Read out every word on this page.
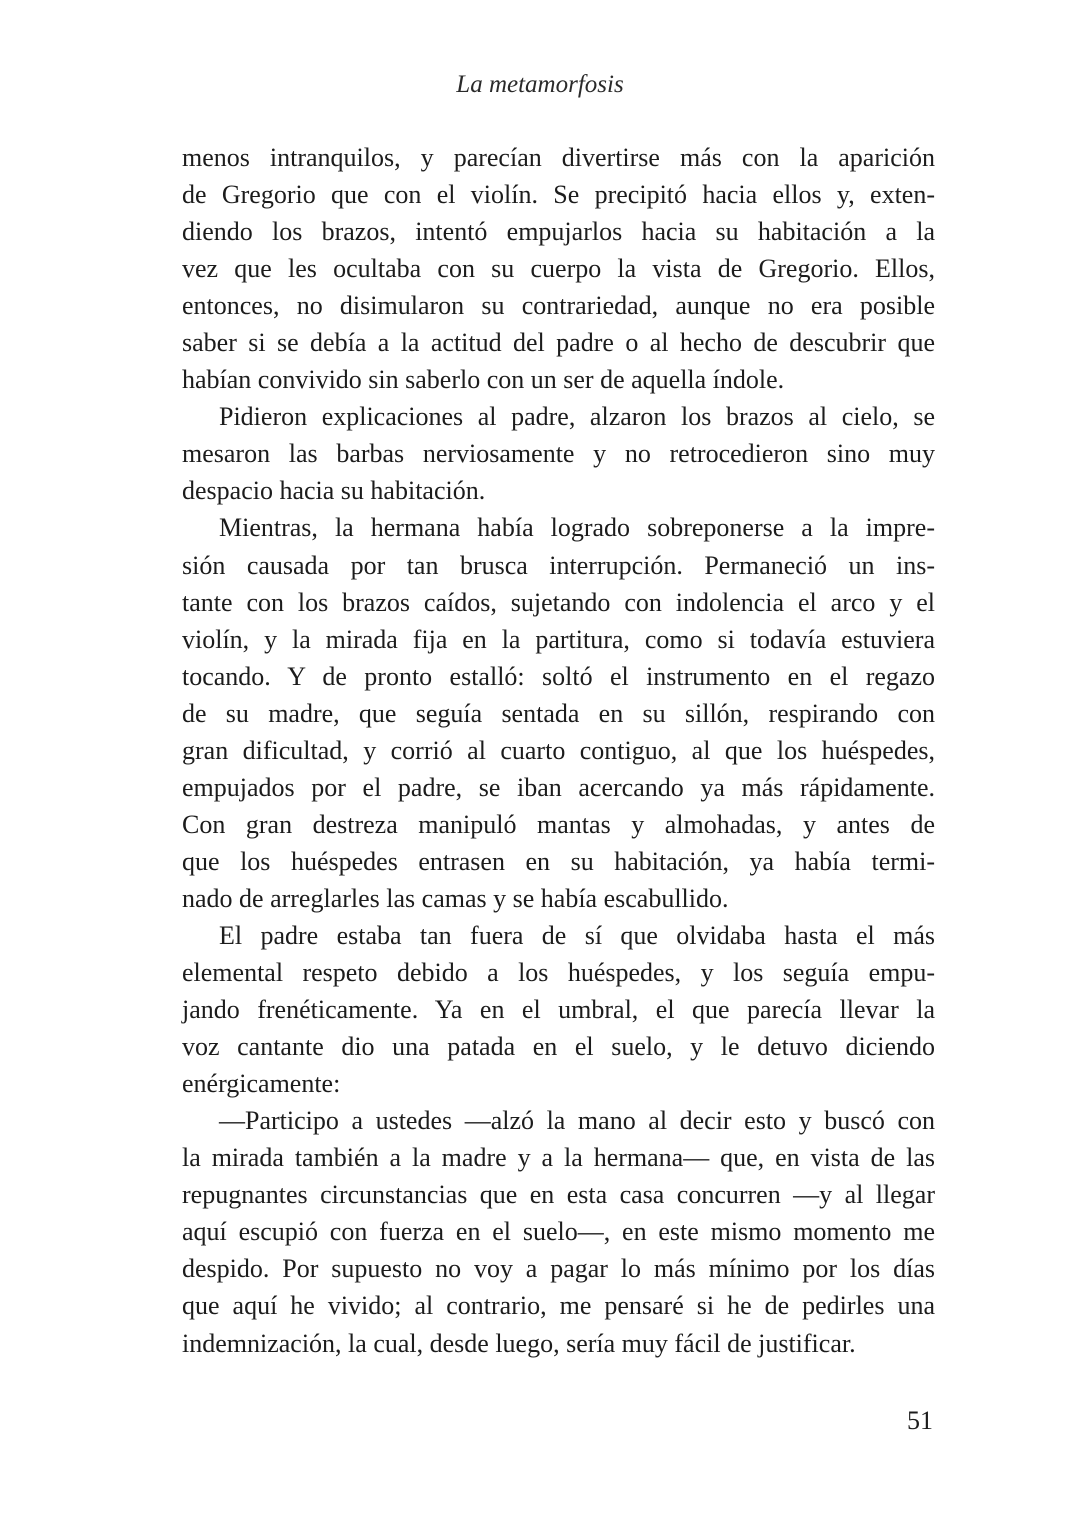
La metamorfosis
menos intranquilos, y parecían divertirse más con la aparición
de Gregorio que con el violín. Se precipitó hacia ellos y, exten-
diendo los brazos, intentó empujarlos hacia su habitación a la
vez que les ocultaba con su cuerpo la vista de Gregorio. Ellos,
entonces, no disimularon su contrariedad, aunque no era posible
saber si se debía a la actitud del padre o al hecho de descubrir que
habían convivido sin saberlo con un ser de aquella índole.
Pidieron explicaciones al padre, alzaron los brazos al cielo, se
mesaron las barbas nerviosamente y no retrocedieron sino muy
despacio hacia su habitación.
Mientras, la hermana había logrado sobreponerse a la impre-
sión causada por tan brusca interrupción. Permaneció un ins-
tante con los brazos caídos, sujetando con indolencia el arco y el
violín, y la mirada fija en la partitura, como si todavía estuviera
tocando. Y de pronto estalló: soltó el instrumento en el regazo
de su madre, que seguía sentada en su sillón, respirando con
gran dificultad, y corrió al cuarto contiguo, al que los huéspedes,
empujados por el padre, se iban acercando ya más rápidamente.
Con gran destreza manipuló mantas y almohadas, y antes de
que los huéspedes entrasen en su habitación, ya había termi-
nado de arreglarles las camas y se había escabullido.
El padre estaba tan fuera de sí que olvidaba hasta el más
elemental respeto debido a los huéspedes, y los seguía empu-
jando frenéticamente. Ya en el umbral, el que parecía llevar la
voz cantante dio una patada en el suelo, y le detuvo diciendo
enérgicamente:
—Participo a ustedes —alzó la mano al decir esto y buscó con
la mirada también a la madre y a la hermana— que, en vista de las
repugnantes circunstancias que en esta casa concurren —y al llegar
aquí escupió con fuerza en el suelo—, en este mismo momento me
despido. Por supuesto no voy a pagar lo más mínimo por los días
que aquí he vivido; al contrario, me pensaré si he de pedirles una
indemnización, la cual, desde luego, sería muy fácil de justificar.
51
